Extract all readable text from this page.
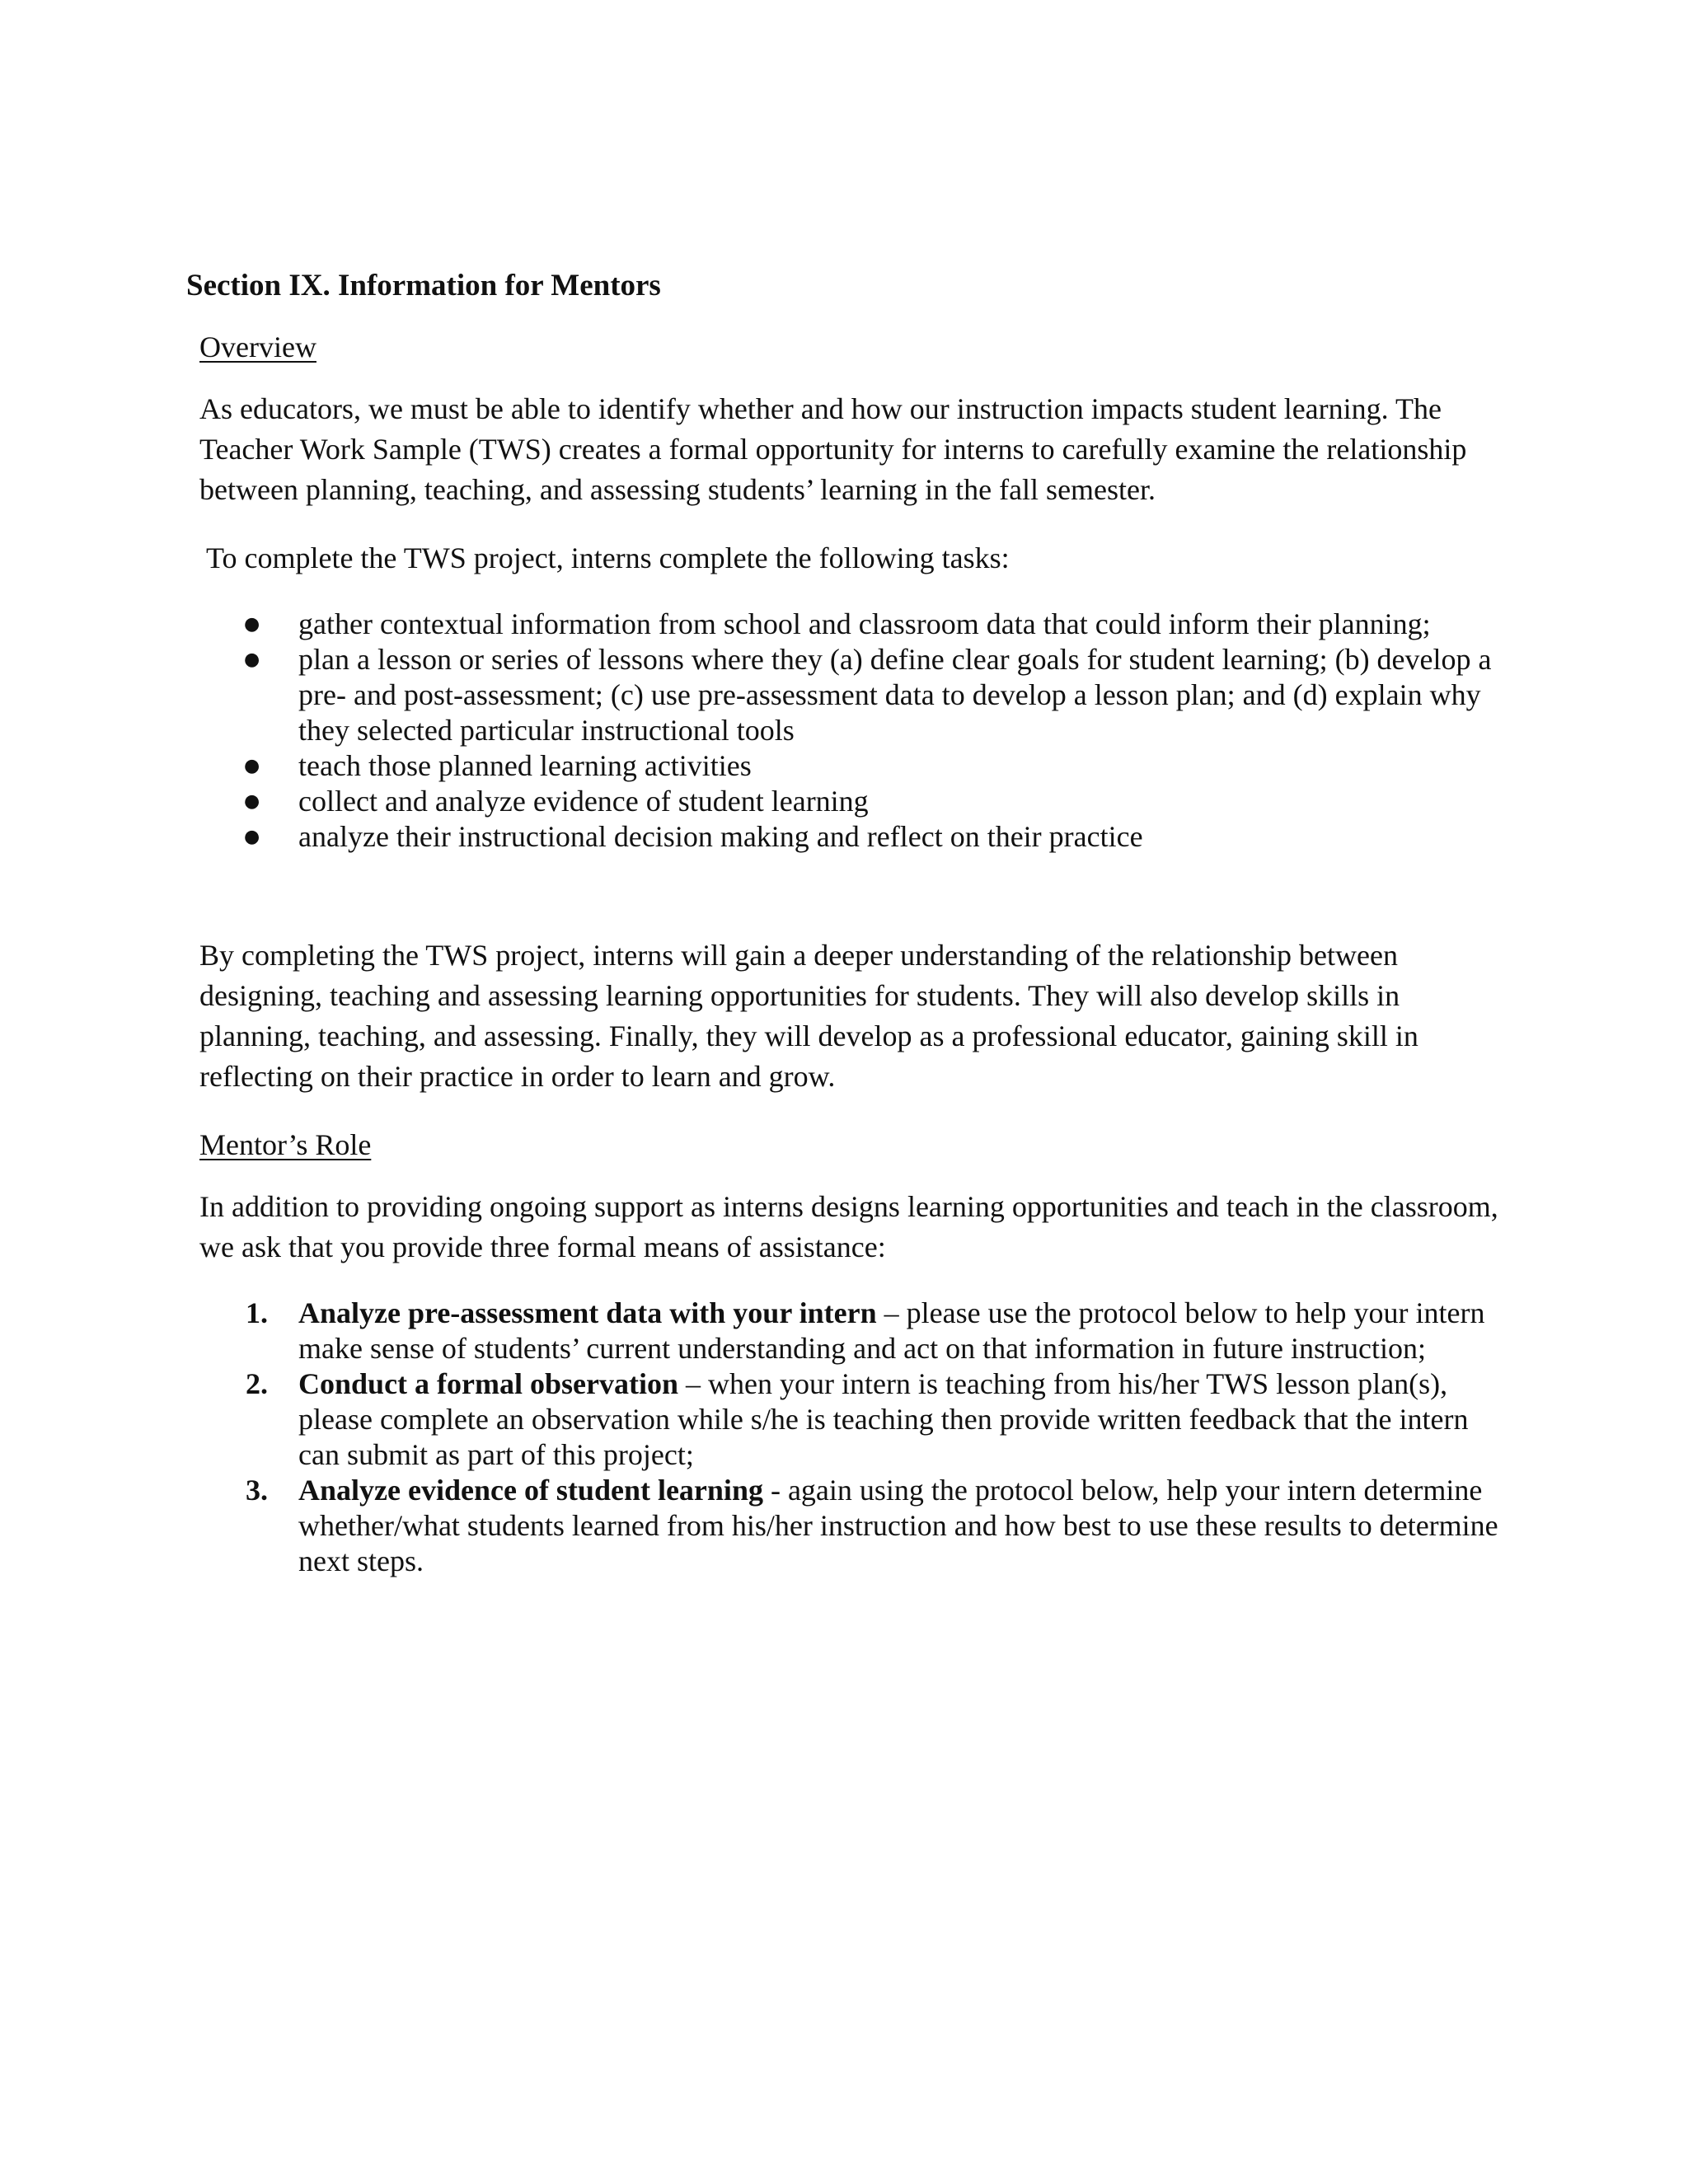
Section IX. Information for Mentors
Overview
As educators, we must be able to identify whether and how our instruction impacts student learning. The Teacher Work Sample (TWS) creates a formal opportunity for interns to carefully examine the relationship between planning, teaching, and assessing students’ learning in the fall semester.
To complete the TWS project, interns complete the following tasks:
● gather contextual information from school and classroom data that could inform their planning;
● plan a lesson or series of lessons where they (a) define clear goals for student learning; (b) develop a pre- and post-assessment; (c) use pre-assessment data to develop a lesson plan; and (d) explain why they selected particular instructional tools
● teach those planned learning activities
● collect and analyze evidence of student learning
● analyze their instructional decision making and reflect on their practice
By completing the TWS project, interns will gain a deeper understanding of the relationship between designing, teaching and assessing learning opportunities for students. They will also develop skills in planning, teaching, and assessing. Finally, they will develop as a professional educator, gaining skill in reflecting on their practice in order to learn and grow.
Mentor’s Role
In addition to providing ongoing support as interns designs learning opportunities and teach in the classroom, we ask that you provide three formal means of assistance:
1. Analyze pre-assessment data with your intern – please use the protocol below to help your intern make sense of students’ current understanding and act on that information in future instruction;
2. Conduct a formal observation – when your intern is teaching from his/her TWS lesson plan(s), please complete an observation while s/he is teaching then provide written feedback that the intern can submit as part of this project;
3. Analyze evidence of student learning - again using the protocol below, help your intern determine whether/what students learned from his/her instruction and how best to use these results to determine next steps.
